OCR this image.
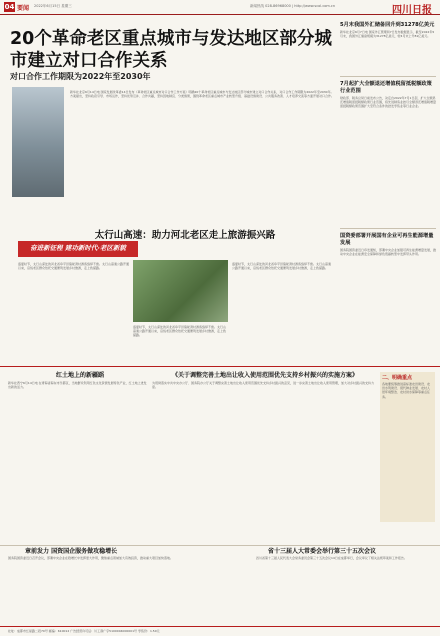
04 要闻 2022年6月15日 星期三	新闻热线 028-86968000 | http://www.scol.com.cn	四川日报
20个革命老区重点城市与发达地区部分城市建立对口合作关系
对口合作工作期限为2022年至2030年
新华社北京6月14日电 国家发展改革委14日发布《革命老区重点城市对口合作工作方案》明确20个革命老区重点城市与发达地区部分城市建立对口合作关系，对口合作工作期限为2022年至2030年。方案提出，坚持政府引导、市场运作，坚持优势互补、合作共赢，坚持因地制宜、分类施策，围绕革命老区重点城市产业转型升级、基础设施建设、公共服务改善、人才培养交流等方面开展对口合作。
5月末我国外汇储备回升到31278亿美元
新华社北京6月7日电 国家外汇管理局7日发布数据显示，截至2022年5月末，我国外汇储备规模为31278亿美元，较4月末上升81亿美元。
7月起扩大全额退还增值税留抵税额政策行业范围
财政部、税务总局日前发布公告，决定自2022年7月1日起，扩大全额退还增值税留抵税额政策行业范围，将先进制造业按月全额退还增值税增量留抵税额政策范围扩大至符合条件的批发零售业等行业企业。
国资委部署开展国有企业可再生能源增量发展
国务院国资委近日印发通知，部署中央企业加强可再生能源增量发展，推动中央企业在能源安全保障和绿色低碳转型中发挥带头作用。
太行山高速：助力河北老区走上旅游振兴路
奋进新征程 建功新时代·老区新貌
盛夏时节，太行山深处的河北省阜平县骆驼湾村游客络绎不绝。太行山高速公路开通以来，沿线老区群众依托交通便利发展乡村旅游，走上致富路。
盛夏时节，太行山深处的河北省阜平县骆驼湾村游客络绎不绝。太行山高速公路开通以来，沿线老区群众依托交通便利发展乡村旅游，走上致富路。
盛夏时节，太行山深处的河北省阜平县骆驼湾村游客络绎不绝。太行山高速公路开通以来，沿线老区群众依托交通便利发展乡村旅游，走上致富路。
红土地上的新疆蹈
新华社西宁6月14日电 在青海省海东市乐都区，当地群众利用红色文化资源发展特色产业，红土地上迸发出新的活力。
《关于调整完善土地出让收入使用范围优先支持乡村振兴的实施方案》
为贯彻落实中共中央办公厅、国务院办公厅关于调整完善土地出让收入使用范围优先支持乡村振兴的意见，进一步完善土地出让收入使用管理，加大对乡村振兴的支持力度。
二、明确重点
各地要统筹推进高标准农田建设、农田水利建设、现代种业发展、农村人居环境整治、农村供水保障等重点任务。
章前发力 国资国企服务做攻稳增长
国务院国资委近日召开会议，部署中央企业在稳增长中发挥更大作用，聚焦重点领域加大有效投资，推动重大项目加快落地。
省十三届人大常委会举行第三十五次会议
四川省第十三届人民代表大会常务委员会第三十五次会议14日在成都举行，会议审议了相关法规草案和工作报告。
社址：成都市红星路二段70号 邮编：610012 广告经营许可证：川工商广字5100004000001号 零售价：1.50元
